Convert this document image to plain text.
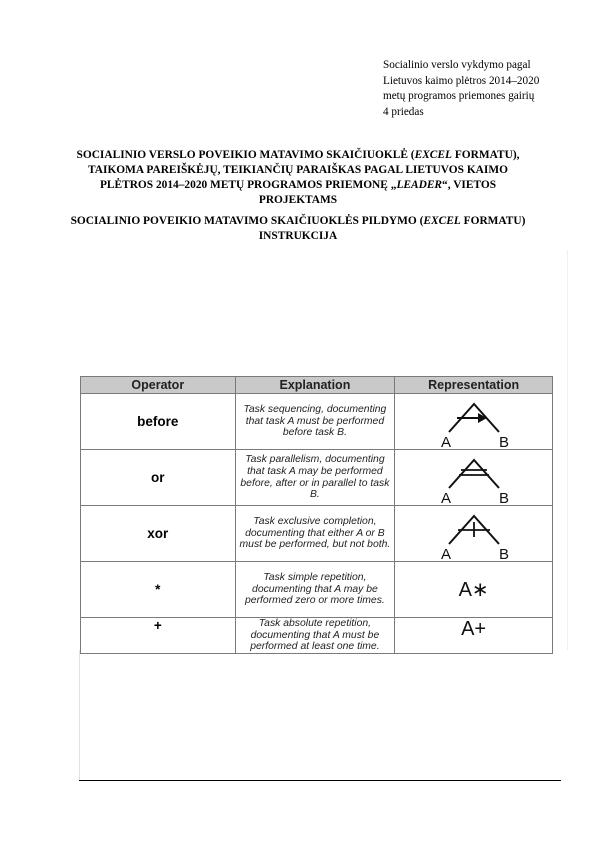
Socialinio verslo vykdymo pagal
Lietuvos kaimo plėtros 2014–2020
metų programos priemones gairių
4 priedas
SOCIALINIO VERSLO POVEIKIO MATAVIMO SKAIČIUOKLĖ (EXCEL FORMATU), TAIKOMA PAREIŠKĖJŲ, TEIKIANČIŲ PARAIŠKAS PAGAL LIETUVOS KAIMO PLĖTROS 2014–2020 METŲ PROGRAMOS PRIEMONĘ „LEADER“, VIETOS PROJEKTAMS
SOCIALINIO POVEIKIO MATAVIMO SKAIČIUOKLĖS PILDYMO (EXCEL FORMATU) INSTRUKCIJA
Operator	Explanation	Representation
before	Task sequencing, documenting that task A must be performed before task B.	A B

or	Task parallelism, documenting that task A may be performed before, after or in parallel to task B.	A B

xor	Task exclusive completion, documenting that either A or B must be performed, but not both.	A B

*	Task simple repetition, documenting that A may be performed zero or more times.	A∗
+	Task absolute repetition, documenting that A must be performed at least one time.	A+
